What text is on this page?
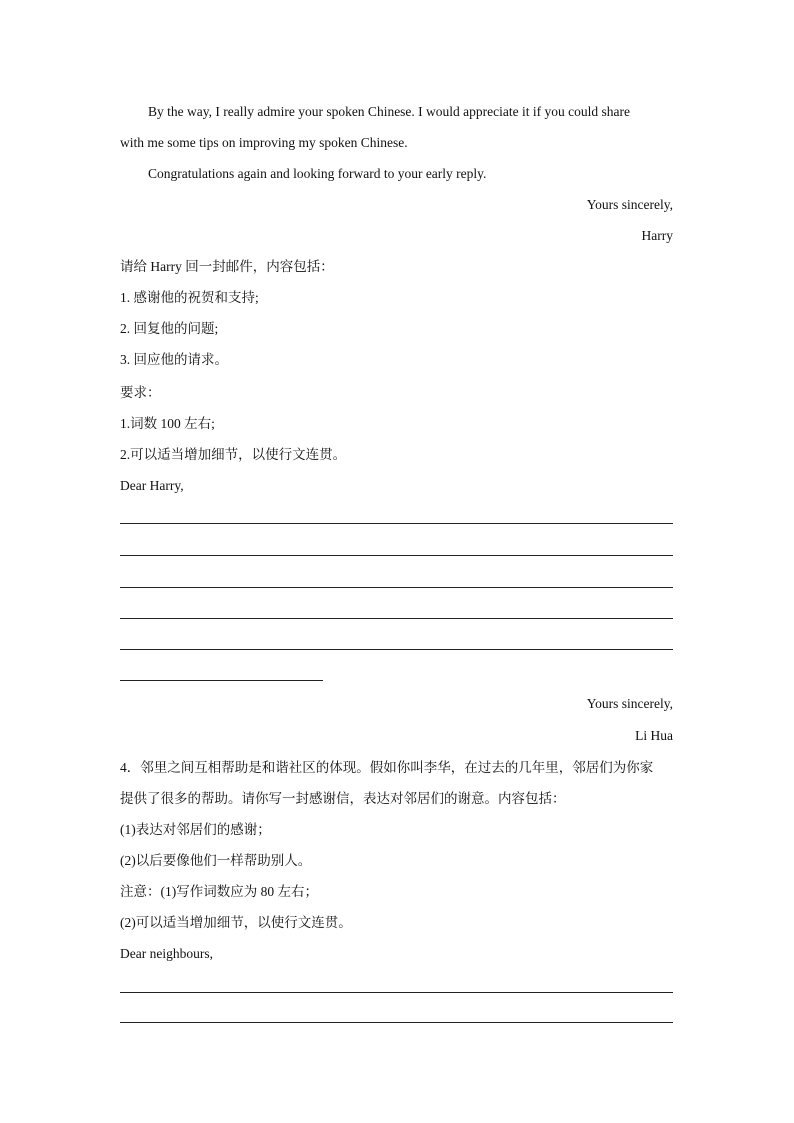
By the way, I really admire your spoken Chinese. I would appreciate it if you could share
with me some tips on improving my spoken Chinese.
Congratulations again and looking forward to your early reply.
Yours sincerely,
Harry
请给 Harry 回一封邮件，内容包括：
1. 感谢他的祝贺和支持;
2. 回复他的问题;
3. 回应他的请求。
要求：
1.词数 100 左右;
2.可以适当增加细节，以使行文连贯。
Dear Harry,
Yours sincerely,
Li Hua
4．邻里之间互相帮助是和谐社区的体现。假如你叫李华，在过去的几年里，邻居们为你家
提供了很多的帮助。请你写一封感谢信，表达对邻居们的谢意。内容包括：
(1)表达对邻居们的感谢；
(2)以后要像他们一样帮助别人。
注意：(1)写作词数应为 80 左右；
(2)可以适当增加细节，以使行文连贯。
Dear neighbours,
